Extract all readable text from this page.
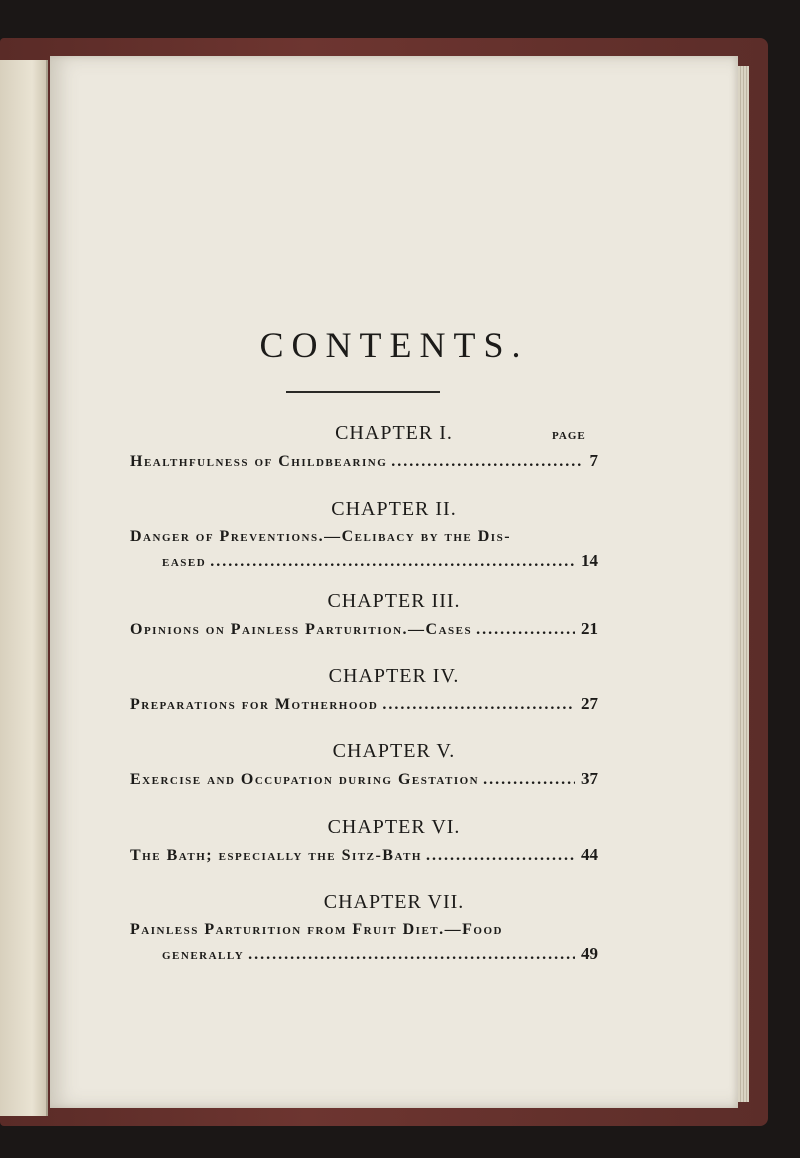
CONTENTS.
PAGE
CHAPTER I.
Healthfulness of Childbearing .....	7
CHAPTER II.
Danger of Preventions.—Celibacy by the Dis-
eased .....	14
CHAPTER III.
Opinions on Painless Parturition.—Cases .....	21
CHAPTER IV.
Preparations for Motherhood .....	27
CHAPTER V.
Exercise and Occupation during Gestation .....	37
CHAPTER VI.
The Bath; especially the Sitz-Bath .....	44
CHAPTER VII.
Painless Parturition from Fruit Diet.—Food
generally .....	49
